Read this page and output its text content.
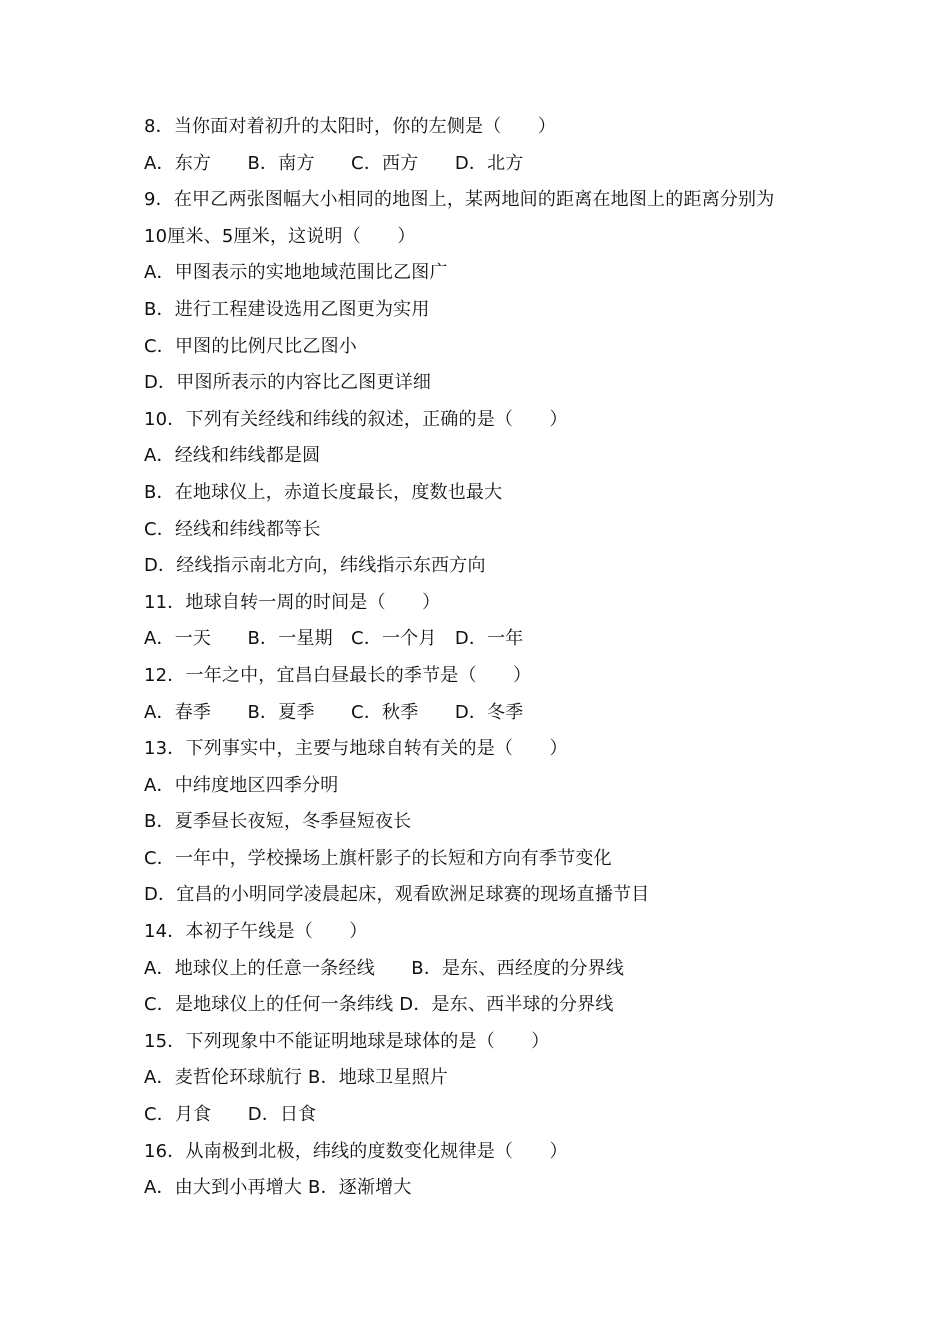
8．当你面对着初升的太阳时，你的左侧是（　　）
A．东方　　B．南方　　C．西方　　D．北方
9．在甲乙两张图幅大小相同的地图上，某两地间的距离在地图上的距离分别为
10厘米、5厘米，这说明（　　）
A．甲图表示的实地地域范围比乙图广
B．进行工程建设选用乙图更为实用
C．甲图的比例尺比乙图小
D．甲图所表示的内容比乙图更详细
10．下列有关经线和纬线的叙述，正确的是（　　）
A．经线和纬线都是圆
B．在地球仪上，赤道长度最长，度数也最大
C．经线和纬线都等长
D．经线指示南北方向，纬线指示东西方向
11．地球自转一周的时间是（　　）
A．一天　　B．一星期　C．一个月　D．一年
12．一年之中，宜昌白昼最长的季节是（　　）
A．春季　　B．夏季　　C．秋季　　D．冬季
13．下列事实中，主要与地球自转有关的是（　　）
A．中纬度地区四季分明
B．夏季昼长夜短，冬季昼短夜长
C．一年中，学校操场上旗杆影子的长短和方向有季节变化
D．宜昌的小明同学凌晨起床，观看欧洲足球赛的现场直播节目
14．本初子午线是（　　）
A．地球仪上的任意一条经线　　B．是东、西经度的分界线
C．是地球仪上的任何一条纬线 D．是东、西半球的分界线
15．下列现象中不能证明地球是球体的是（　　）
A．麦哲伦环球航行 B．地球卫星照片
C．月食　　D．日食
16．从南极到北极，纬线的度数变化规律是（　　）
A．由大到小再增大 B．逐渐增大
